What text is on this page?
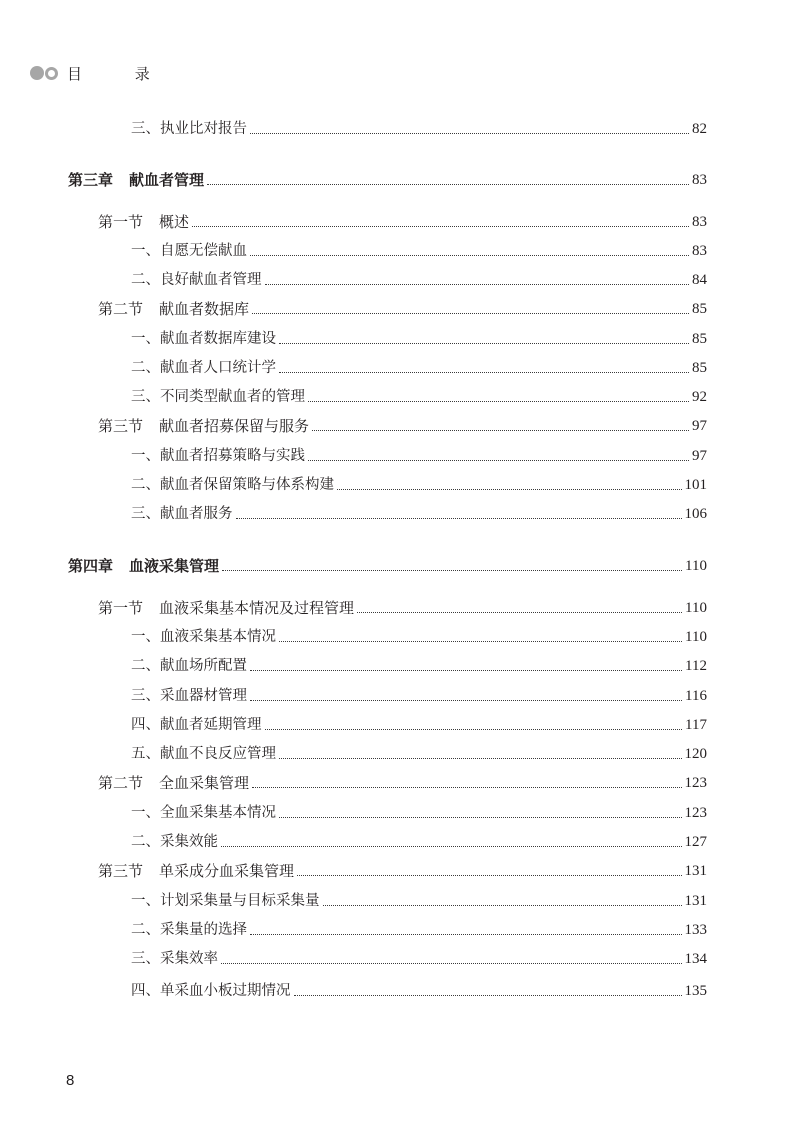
目 录
三、执业比对报告	82
第三章 献血者管理	83
第一节 概述	83
一、自愿无偿献血	83
二、良好献血者管理	84
第二节 献血者数据库	85
一、献血者数据库建设	85
二、献血者人口统计学	85
三、不同类型献血者的管理	92
第三节 献血者招募保留与服务	97
一、献血者招募策略与实践	97
二、献血者保留策略与体系构建	101
三、献血者服务	106
第四章 血液采集管理	110
第一节 血液采集基本情况及过程管理	110
一、血液采集基本情况	110
二、献血场所配置	112
三、采血器材管理	116
四、献血者延期管理	117
五、献血不良反应管理	120
第二节 全血采集管理	123
一、全血采集基本情况	123
二、采集效能	127
第三节 单采成分血采集管理	131
一、计划采集量与目标采集量	131
二、采集量的选择	133
三、采集效率	134
四、单采血小板过期情况	135
8
